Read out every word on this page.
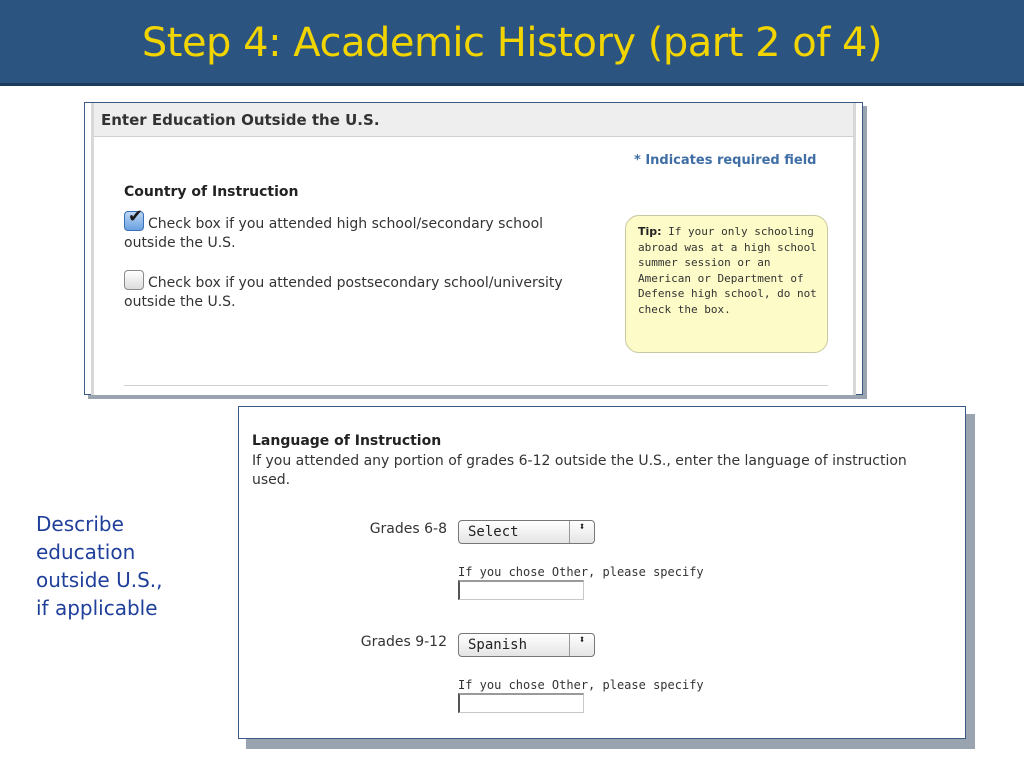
Step 4: Academic History (part 2 of 4)
Enter Education Outside the U.S.
* Indicates required field
Country of Instruction
✔ Check box if you attended high school/secondary school
outside the U.S.
Check box if you attended postsecondary school/university
outside the U.S.
Tip: If your only schooling abroad was at a high school summer session or an American or Department of Defense high school, do not check the box.
Describe
education
outside U.S.,
if applicable
Language of Instruction
If you attended any portion of grades 6-12 outside the U.S., enter the language of instruction used.
Grades 6-8	Select	⬍
If you chose Other, please specify
Grades 9-12	Spanish	⬍
If you chose Other, please specify
